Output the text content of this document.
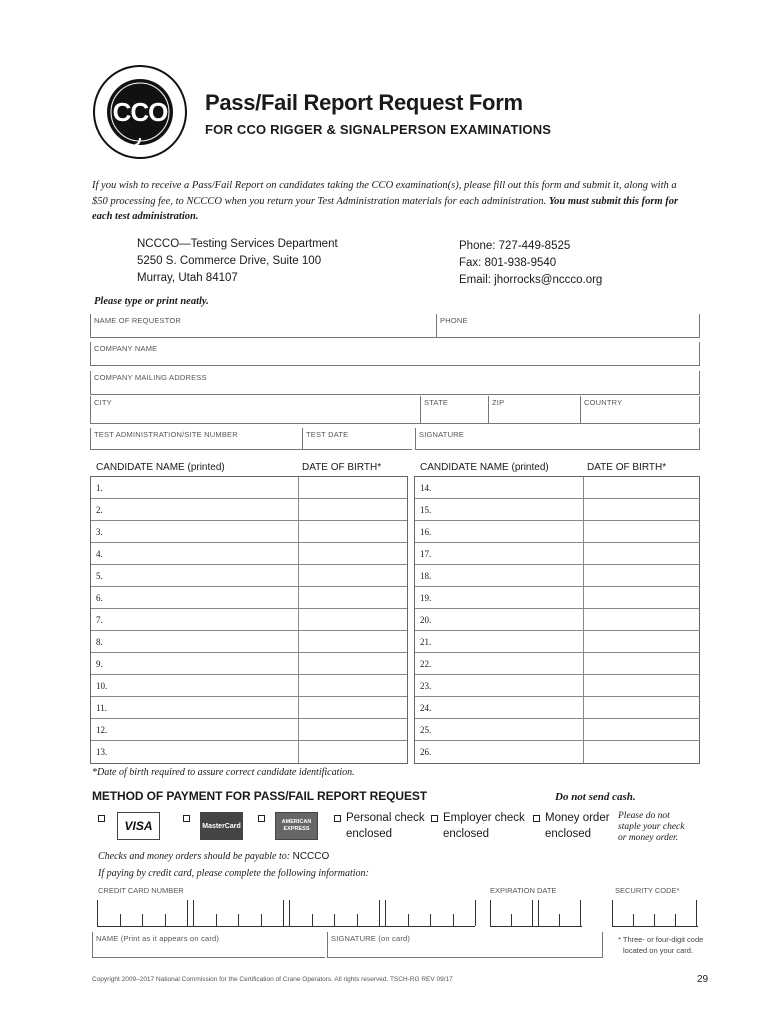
CCO Pass/Fail Report Request Form
FOR CCO RIGGER & SIGNALPERSON EXAMINATIONS
If you wish to receive a Pass/Fail Report on candidates taking the CCO examination(s), please fill out this form and submit it, along with a $50 processing fee, to NCCCO when you return your Test Administration materials for each administration. You must submit this form for each test administration.
NCCCO—Testing Services Department
5250 S. Commerce Drive, Suite 100
Murray, Utah 84107
Phone: 727-449-8525
Fax: 801-938-9540
Email: jhorrocks@nccco.org
Please type or print neatly.
NAME OF REQUESTOR	PHONE
COMPANY NAME
COMPANY MAILING ADDRESS
CITY	STATE	ZIP	COUNTRY
TEST ADMINISTRATION/SITE NUMBER	TEST DATE	SIGNATURE
CANDIDATE NAME (printed)	DATE OF BIRTH*	CANDIDATE NAME (printed)	DATE OF BIRTH*
1.
2.
3.
4.
5.
6.
7.
8.
9.
10.
11.
12.
13.
14.
15.
16.
17.
18.
19.
20.
21.
22.
23.
24.
25.
26.
*Date of birth required to assure correct candidate identification.
METHOD OF PAYMENT FOR PASS/FAIL REPORT REQUEST	Do not send cash.
VISA	MasterCard
AMERICAN EXPRESS
Personal check
enclosed
Employer check
enclosed
Money order
enclosed
Please do not
staple your check
or money order.
Checks and money orders should be payable to: NCCCO
If paying by credit card, please complete the following information:
CREDIT CARD NUMBER	EXPIRATION DATE	SECURITY CODE*
NAME (Print as it appears on card)	SIGNATURE (on card)	* Three- or four-digit code
located on your card.
Copyright 2009–2017 National Commission for the Certification of Crane Operators. All rights reserved. TSCH-RG REV 09/17	29
